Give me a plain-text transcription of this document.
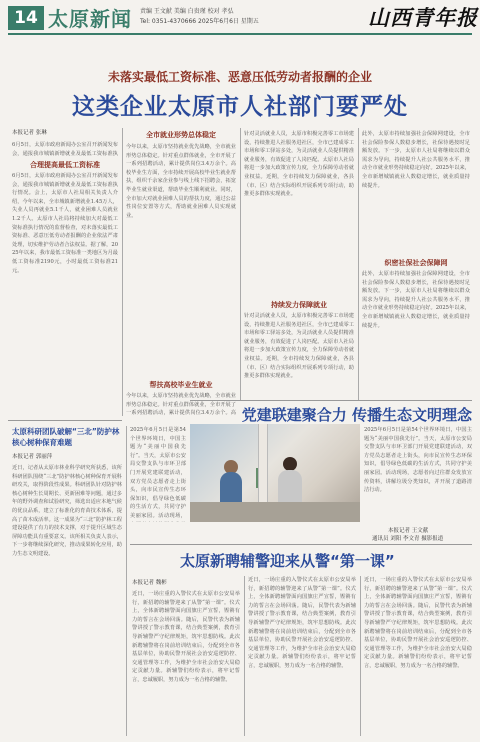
14 太原新闻 责编 王文献 美编 白贵瑾 校对 孝弘
Tel: 0351-4370666 2025年6月6日 星期五	山西青年报
未落实最低工资标准、恶意压低劳动者报酬的企业
这类企业太原市人社部门要严处
本报记者 张琳
6月5日，太原市政府新闻办公室召开新闻发布会，通报我市城镇新增就业及最低工资标准执
合理提高最低工资标准
6月5日，太原市政府新闻办公室召开新闻发布会，通报我市城镇新增就业及最低工资标准执行情况。会上，太原市人社局相关负责人介绍，今年以来，全市城镇新增就业1.45万人，失业人员再就业5.1千人，就业困难人员就业1.2千人。太原市人社局将持续加大对最低工资标准执行情况的监督检查，对未落实最低工资标准、恶意压低劳动者报酬的企业依法严肃处理，切实维护劳动者合法权益。据了解，2025年以来，我市最低工资标准一类地区为月最低工资标准2190元，小时最低工资标准21元。
全市就业形势总体稳定
今年以来，太原市坚持就业优先战略，全市就业形势总体稳定。针对重点群体就业，全市开展了一系列招聘活动，累计提供岗位3.4万余个。高校毕业生方面，全市持续开展高校毕业生就业帮扶，组织千余家企业参与线上线下招聘会，拓宽毕业生就业渠道，帮助毕业生顺利就业。同时，全市加大对就业困难人员的帮扶力度，通过公益性岗位安置等方式，帮助就业困难人员实现就业。
帮扶高校毕业生就业
今年以来，太原市坚持就业优先战略，全市就业形势总体稳定。针对重点群体就业，全市开展了一系列招聘活动，累计提供岗位3.4万余个。高
针对灵活就业人员，太原市积极完善零工市场建设，持续推进人社服务进社区，全市已建成零工市场和零工驿站多处，为灵活就业人员提供精准就业服务，有效促进了人岗匹配。太原市人社局将进一步加大政策宣传力度，全力保障劳动者就业权益。近期，全市持续发力保障就业，各县（市、区）结合实际组织开展系列专项行动，助推更多群体实现就业。
持续发力保障就业
针对灵活就业人员，太原市积极完善零工市场建设，持续推进人社服务进社区，全市已建成零工市场和零工驿站多处，为灵活就业人员提供精准就业服务，有效促进了人岗匹配。太原市人社局将进一步加大政策宣传力度，全力保障劳动者就业权益。近期，全市持续发力保障就业，各县（市、区）结合实际组织开展系列专项行动，助推更多群体实现就业。
此外，太原市持续加强社会保障网建设，全市社会保险参保人数稳步增长，社保待遇按时足额发放。下一步，太原市人社局将继续以群众需求为导向，持续提升人社公共服务水平，推动全市就业形势持续稳定向好。2025年以来，全市新增城镇就业人数稳定增长，就业质量持续提升。
织密社保社会保障网
此外，太原市持续加强社会保障网建设，全市社会保险参保人数稳步增长，社保待遇按时足额发放。下一步，太原市人社局将继续以群众需求为导向，持续提升人社公共服务水平，推动全市就业形势持续稳定向好。2025年以来，全市新增城镇就业人数稳定增长，就业质量持续提升。
太原科研团队破解“三北”防护林核心树种保育难题
本报记者 郭丽萍
近日，记者从太原市林业科学研究所获悉，该所科研团队围绕“三北”防护林核心树种保育开展科研攻关，取得阶段性成果。科研团队针对防护林核心树种生长周期长、更新困难等问题，通过多年的野外调查和试验研究，筛选出适应本地气候的优良品系，建立了标准化的育苗技术体系，提高了苗木成活率。这一成果为“三北”防护林工程建设提供了有力的技术支撑，对于提升区域生态屏障功能具有重要意义。该所相关负责人表示，下一步将继续深化研究，推动成果转化应用，助力生态文明建设。
党建联建聚合力 传播生态文明理念
2025年6月5日是第54个世界环境日，中国主题为“美丽中国我先行”。当天，太原市公安局交警支队与市环卫部门开展党建联建活动，双方党员志愿者走上街头，向市民宣传生态环保知识，倡导绿色低碳的生活方式，共同守护美丽家园。活动现场，
2025年6月5日是第54个世界环境日，中国主题为“美丽中国我先行”。当天，太原市公安局交警支队与市环卫部门开展党建联建活动，双方党员志愿者走上街头，向市民宣传生态环保知识，倡导绿色低碳的生活方式，共同守护美丽家园。活动现场，志愿者向过往群众发放宣传资料，讲解垃圾分类知识，并开展了道路清洁行动。
本报记者 王文献
通讯员 刘阳 李文青 摄影报道
太原新聘辅警迎来从警“第一课”
本报记者 魏彬
近日，一场庄重的入警仪式在太原市公安局举行，新招聘的辅警迎来了从警“第一课”。仪式上，全体新聘辅警面向国旗庄严宣誓，铿锵有力的誓言在会场回荡。随后，民警代表为新辅警讲授了警示教育课，结合典型案例，教育引导新辅警严守纪律规矩，筑牢思想防线。此次新聘辅警将在岗前培训结束后，分配到全市各基层单位，协助民警开展社会治安巡逻防控、交通管理等工作，为维护全市社会治安大局稳定贡献力量。新辅警们纷纷表示，将牢记誓言，忠诚履职，努力成为一名合格的辅警。
近日，一场庄重的入警仪式在太原市公安局举行，新招聘的辅警迎来了从警“第一课”。仪式上，全体新聘辅警面向国旗庄严宣誓，铿锵有力的誓言在会场回荡。随后，民警代表为新辅警讲授了警示教育课，结合典型案例，教育引导新辅警严守纪律规矩，筑牢思想防线。此次新聘辅警将在岗前培训结束后，分配到全市各基层单位，协助民警开展社会治安巡逻防控、交通管理等工作，为维护全市社会治安大局稳定贡献力量。新辅警们纷纷表示，将牢记誓言，忠诚履职，努力成为一名合格的辅警。
近日，一场庄重的入警仪式在太原市公安局举行，新招聘的辅警迎来了从警“第一课”。仪式上，全体新聘辅警面向国旗庄严宣誓，铿锵有力的誓言在会场回荡。随后，民警代表为新辅警讲授了警示教育课，结合典型案例，教育引导新辅警严守纪律规矩，筑牢思想防线。此次新聘辅警将在岗前培训结束后，分配到全市各基层单位，协助民警开展社会治安巡逻防控、交通管理等工作，为维护全市社会治安大局稳定贡献力量。新辅警们纷纷表示，将牢记誓言，忠诚履职，努力成为一名合格的辅警。
